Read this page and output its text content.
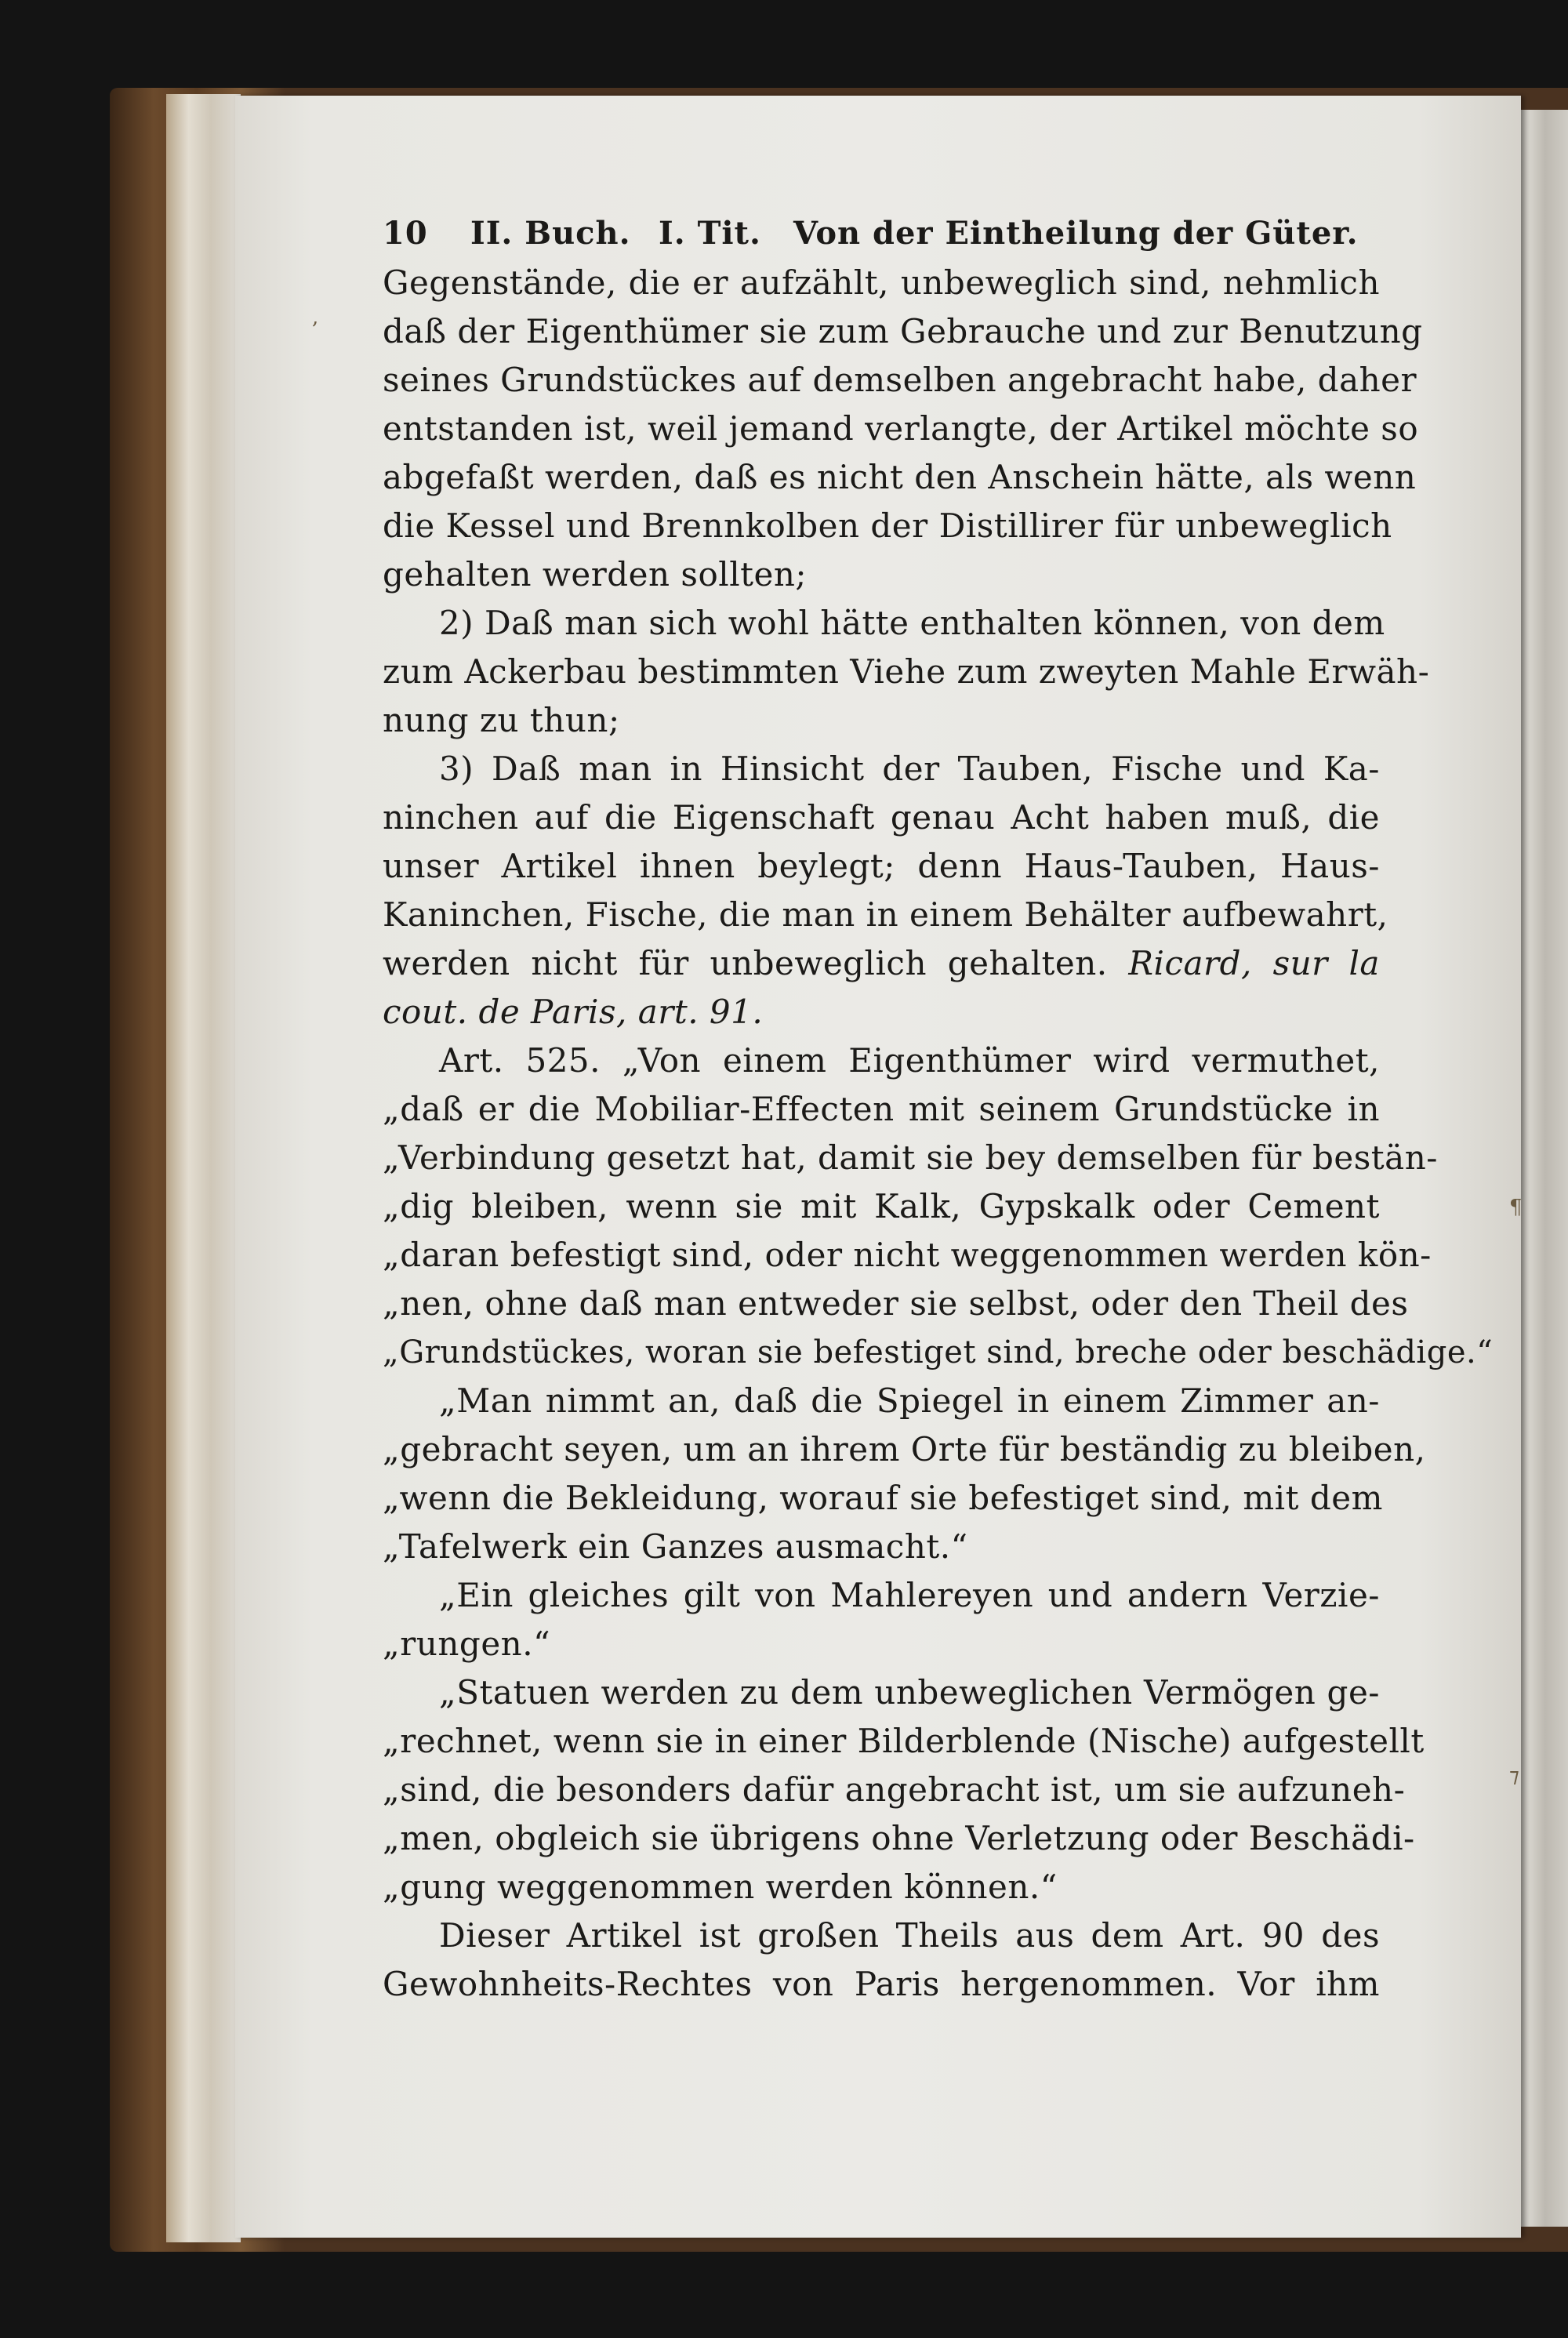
,
¶
⁊
10 II. Buch. I. Tit. Von der Eintheilung der Güter.
Gegenstände, die er aufzählt, unbeweglich sind, nehmlich
daß der Eigenthümer sie zum Gebrauche und zur Benutzung
seines Grundstückes auf demselben angebracht habe, daher
entstanden ist, weil jemand verlangte, der Artikel möchte so
abgefaßt werden, daß es nicht den Anschein hätte, als wenn
die Kessel und Brennkolben der Distillirer für unbeweglich
gehalten werden sollten;
2) Daß man sich wohl hätte enthalten können, von dem
zum Ackerbau bestimmten Viehe zum zweyten Mahle Erwäh-
nung zu thun;
3) Daß man in Hinsicht der Tauben, Fische und Ka-
ninchen auf die Eigenschaft genau Acht haben muß, die
unser Artikel ihnen beylegt; denn Haus-Tauben, Haus-
Kaninchen, Fische, die man in einem Behälter aufbewahrt,
werden nicht für unbeweglich gehalten. Ricard, sur la
cout. de Paris, art. 91.
Art. 525. „Von einem Eigenthümer wird vermuthet,
„daß er die Mobiliar-Effecten mit seinem Grundstücke in
„Verbindung gesetzt hat, damit sie bey demselben für bestän-
„dig bleiben, wenn sie mit Kalk, Gypskalk oder Cement
„daran befestigt sind, oder nicht weggenommen werden kön-
„nen, ohne daß man entweder sie selbst, oder den Theil des
„Grundstückes, woran sie befestiget sind, breche oder beschädige.“
„Man nimmt an, daß die Spiegel in einem Zimmer an-
„gebracht seyen, um an ihrem Orte für beständig zu bleiben,
„wenn die Bekleidung, worauf sie befestiget sind, mit dem
„Tafelwerk ein Ganzes ausmacht.“
„Ein gleiches gilt von Mahlereyen und andern Verzie-
„rungen.“
„Statuen werden zu dem unbeweglichen Vermögen ge-
„rechnet, wenn sie in einer Bilderblende (Nische) aufgestellt
„sind, die besonders dafür angebracht ist, um sie aufzuneh-
„men, obgleich sie übrigens ohne Verletzung oder Beschädi-
„gung weggenommen werden können.“
Dieser Artikel ist großen Theils aus dem Art. 90 des
Gewohnheits-Rechtes von Paris hergenommen. Vor ihm
